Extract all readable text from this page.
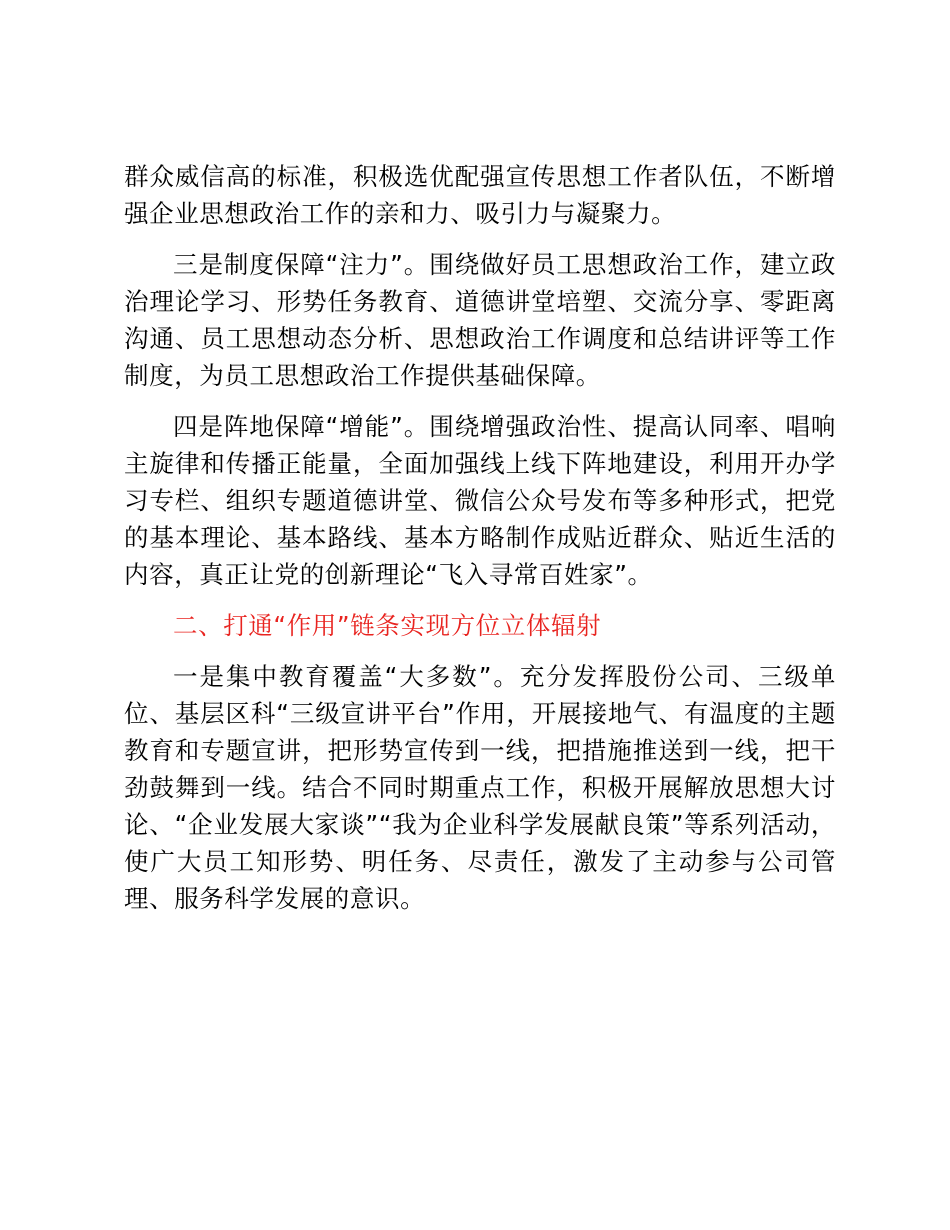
群众威信高的标准，积极选优配强宣传思想工作者队伍，不断增强企业思想政治工作的亲和力、吸引力与凝聚力。

三是制度保障“注力”。围绕做好员工思想政治工作，建立政治理论学习、形势任务教育、道德讲堂培塑、交流分享、零距离沟通、员工思想动态分析、思想政治工作调度和总结讲评等工作制度，为员工思想政治工作提供基础保障。

四是阵地保障“增能”。围绕增强政治性、提高认同率、唱响主旋律和传播正能量，全面加强线上线下阵地建设，利用开办学习专栏、组织专题道德讲堂、微信公众号发布等多种形式，把党的基本理论、基本路线、基本方略制作成贴近群众、贴近生活的内容，真正让党的创新理论“飞入寻常百姓家”。

二、打通“作用”链条实现方位立体辐射

一是集中教育覆盖“大多数”。充分发挥股份公司、三级单位、基层区科“三级宣讲平台”作用，开展接地气、有温度的主题教育和专题宣讲，把形势宣传到一线，把措施推送到一线，把干劲鼓舞到一线。结合不同时期重点工作，积极开展解放思想大讨论、“企业发展大家谈”“我为企业科学发展献良策”等系列活动，使广大员工知形势、明任务、尽责任，激发了主动参与公司管理、服务科学发展的意识。
